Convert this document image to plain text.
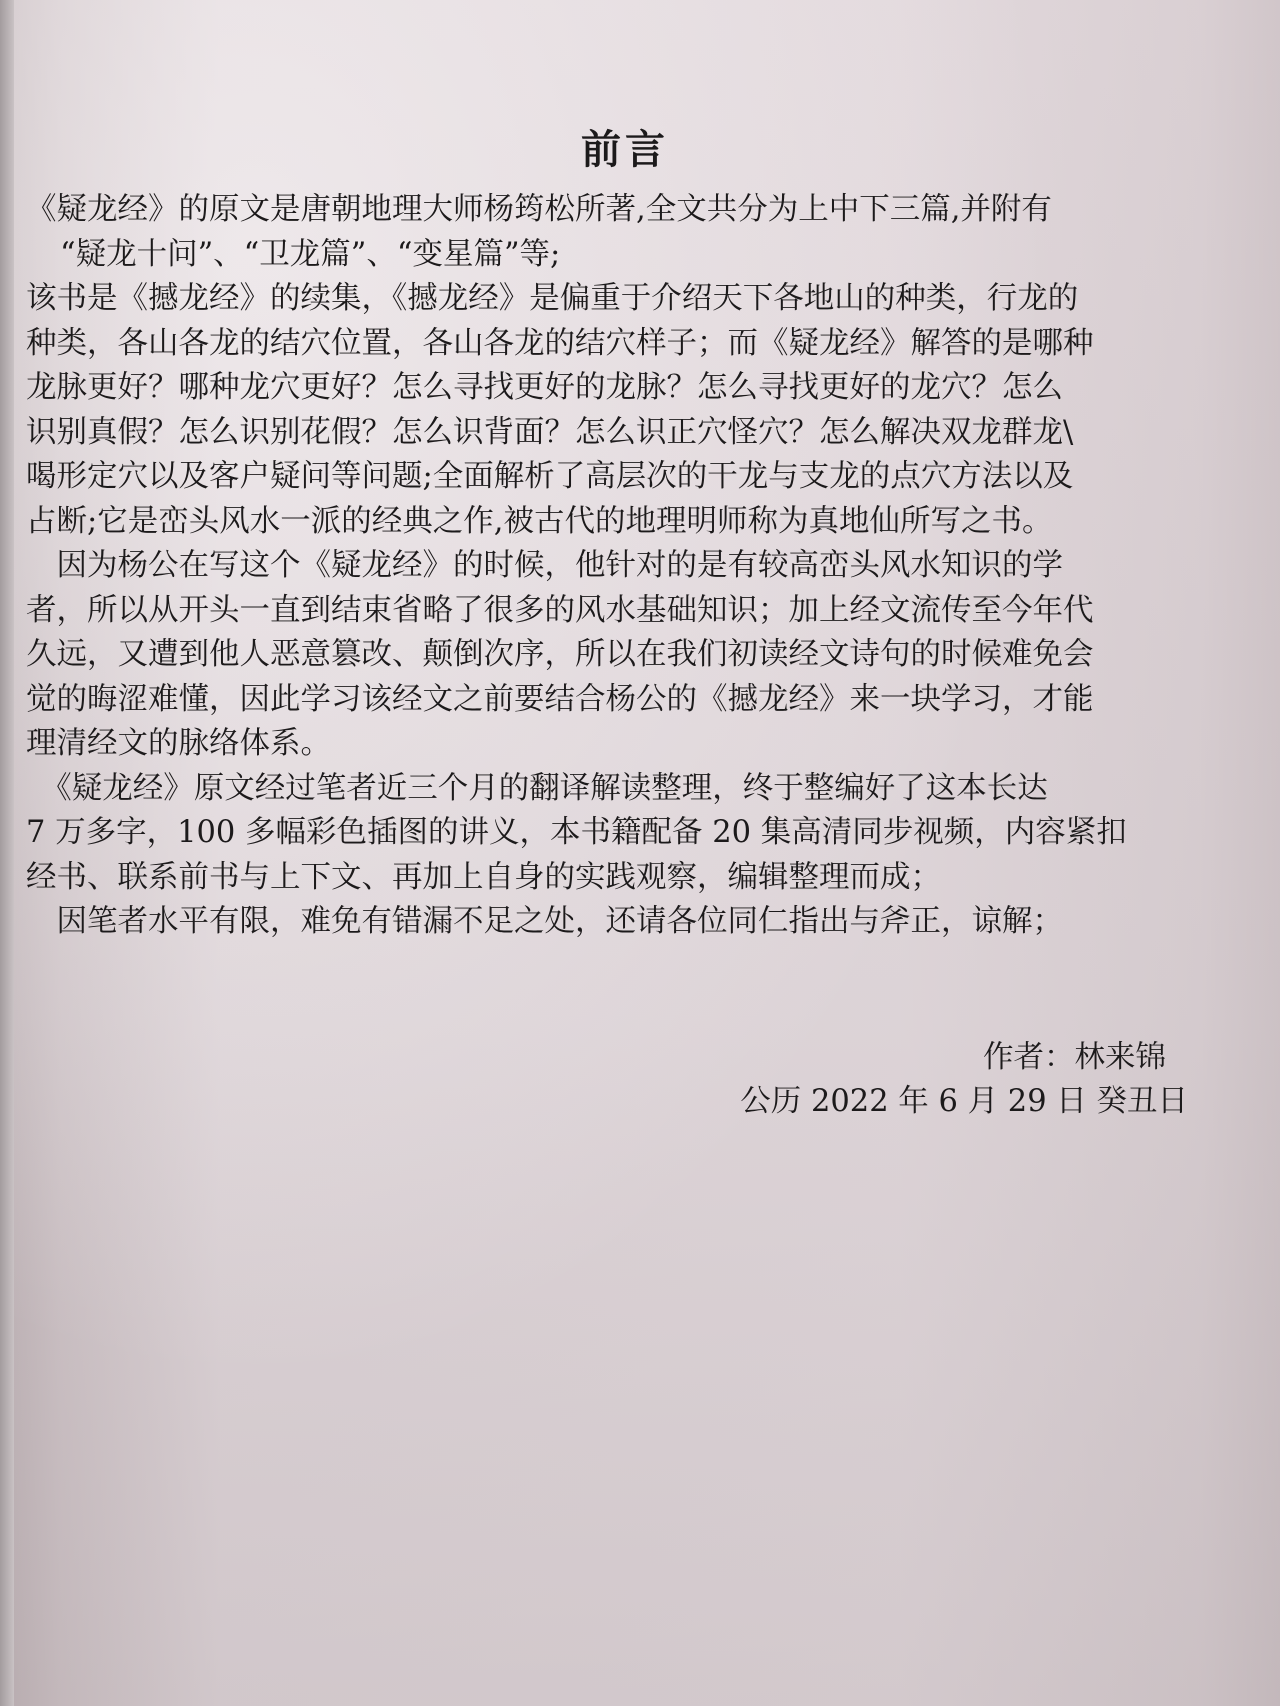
前言
《疑龙经》的原文是唐朝地理大师杨筠松所著,全文共分为上中下三篇,并附有
“疑龙十问”、“卫龙篇”、“变星篇”等;
该书是《撼龙经》的续集，《撼龙经》是偏重于介绍天下各地山的种类，行龙的
种类，各山各龙的结穴位置，各山各龙的结穴样子；而《疑龙经》解答的是哪种
龙脉更好？哪种龙穴更好？怎么寻找更好的龙脉？怎么寻找更好的龙穴？怎么
识别真假？怎么识别花假？怎么识背面？怎么识正穴怪穴？怎么解决双龙群龙\
喝形定穴以及客户疑问等问题;全面解析了高层次的干龙与支龙的点穴方法以及
占断;它是峦头风水一派的经典之作,被古代的地理明师称为真地仙所写之书。
　因为杨公在写这个《疑龙经》的时候，他针对的是有较高峦头风水知识的学
者，所以从开头一直到结束省略了很多的风水基础知识；加上经文流传至今年代
久远，又遭到他人恶意篡改、颠倒次序，所以在我们初读经文诗句的时候难免会
觉的晦涩难懂，因此学习该经文之前要结合杨公的《撼龙经》来一块学习，才能
理清经文的脉络体系。
　《疑龙经》原文经过笔者近三个月的翻译解读整理，终于整编好了这本长达
7 万多字，100 多幅彩色插图的讲义，本书籍配备 20 集高清同步视频，内容紧扣
经书、联系前书与上下文、再加上自身的实践观察，编辑整理而成；
　因笔者水平有限，难免有错漏不足之处，还请各位同仁指出与斧正，谅解；
作者：林来锦
公历 2022 年 6 月 29 日 癸丑日
